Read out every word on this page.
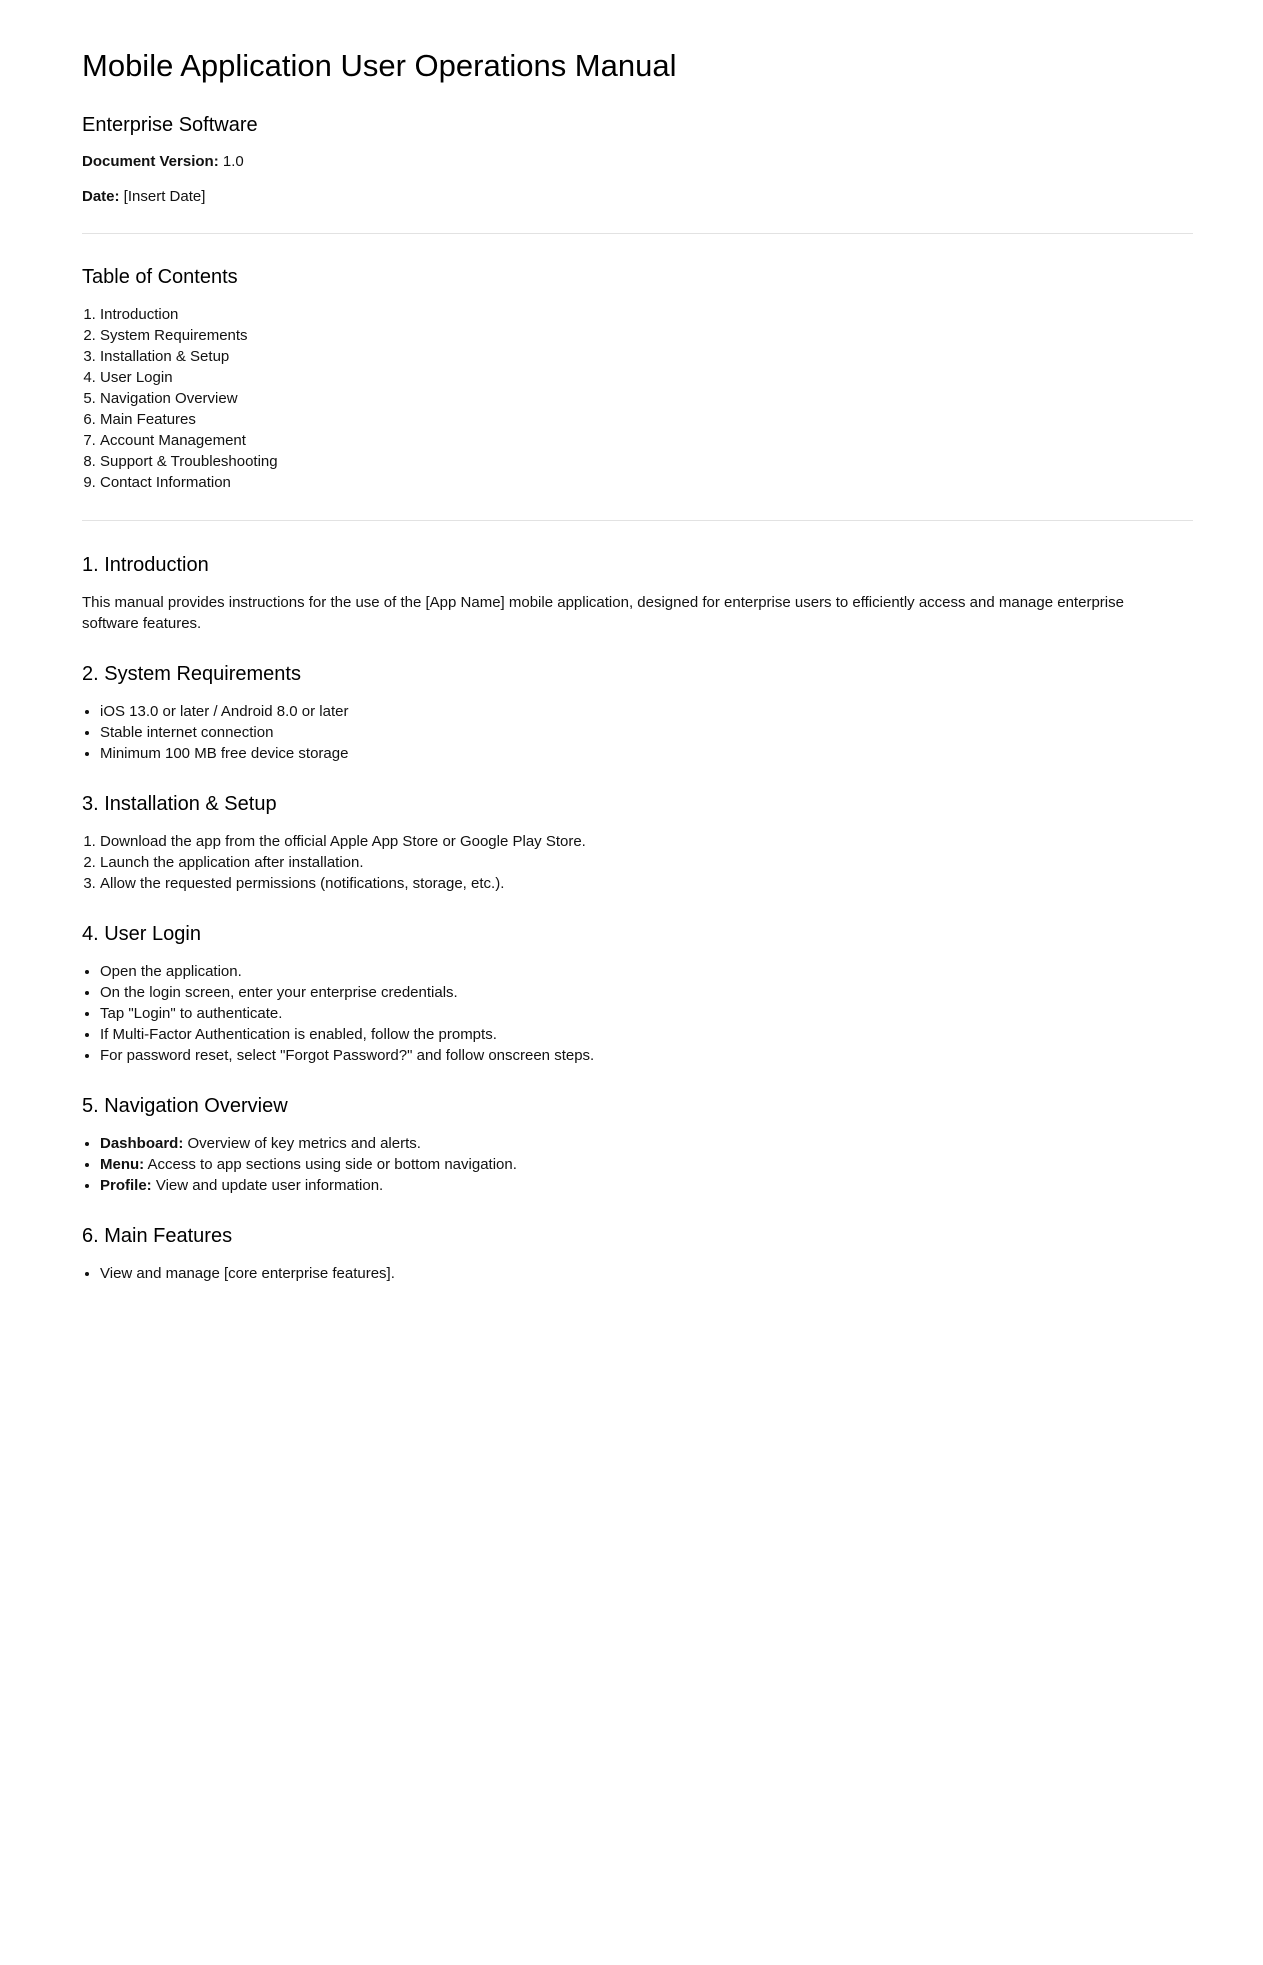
Mobile Application User Operations Manual
Enterprise Software

Document Version: 1.0

Date: [Insert Date]

Table of Contents
1. Introduction
2. System Requirements
3. Installation & Setup
4. User Login
5. Navigation Overview
6. Main Features
7. Account Management
8. Support & Troubleshooting
9. Contact Information
1. Introduction

This manual provides instructions for the use of the [App Name] mobile application, designed for enterprise users to efficiently access and manage enterprise software features.

2. System Requirements
• iOS 13.0 or later / Android 8.0 or later
• Stable internet connection
• Minimum 100 MB free device storage
3. Installation & Setup
1. Download the app from the official Apple App Store or Google Play Store.
2. Launch the application after installation.
3. Allow the requested permissions (notifications, storage, etc.).
4. User Login
• Open the application.
• On the login screen, enter your enterprise credentials.
• Tap "Login" to authenticate.
• If Multi-Factor Authentication is enabled, follow the prompts.
• For password reset, select "Forgot Password?" and follow onscreen steps.
5. Navigation Overview
• Dashboard: Overview of key metrics and alerts.
• Menu: Access to app sections using side or bottom navigation.
• Profile: View and update user information.
6. Main Features
• View and manage [core enterprise features].
